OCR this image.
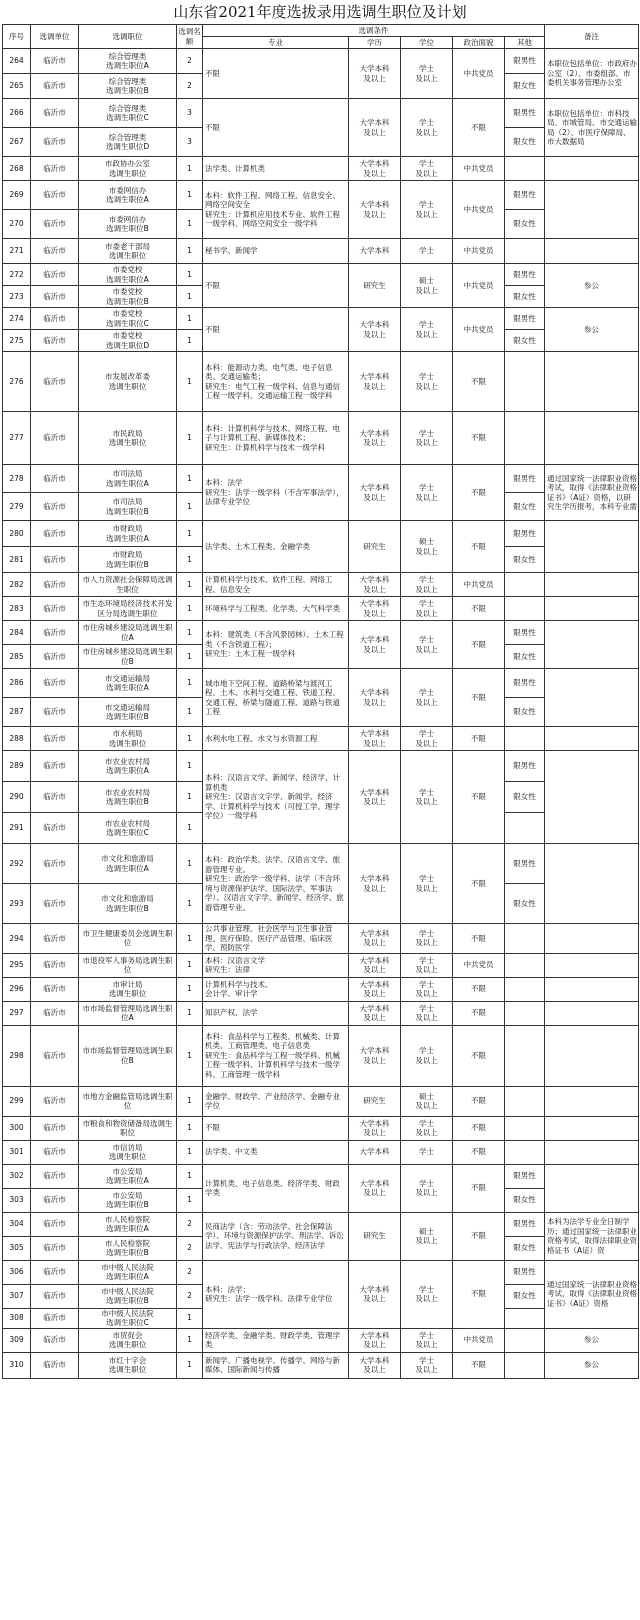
山东省2021年度选拔录用选调生职位及计划
序号	选调单位	选调职位	选调名额	选调条件					备注
				专业	学历	学位	政治面貌	其他	
264	临沂市	综合管理类
选调生职位A	2	不限	大学本科
及以上	学士
及以上	中共党员	限男性	本职位包括单位：市政府办公室（2）、市委组部、市委机关事务管理办公室
265	临沂市	综合管理类
选调生职位B	2					限女性	
266	临沂市	综合管理类
选调生职位C	3	不限	大学本科
及以上	学士
及以上	不限	限男性	本职位包括单位：市科技局、市城管局、市交通运输局（2）、市医疗保障局、市大数据局
267	临沂市	综合管理类
选调生职位D	3					限女性	
268	临沂市	市政协办公室
选调生职位	1	法学类、计算机类	大学本科
及以上	学士
及以上	中共党员		
269	临沂市	市委网信办
选调生职位A	1	本科：软件工程、网络工程、信息安全、网络空间安全
研究生：计算机应用技术专业、软件工程一级学科、网络空间安全一级学科	大学本科
及以上	学士
及以上	中共党员	限男性	
270	临沂市	市委网信办
选调生职位B	1					限女性	
271	临沂市	市委老干部局
选调生职位	1	秘书学、新闻学	大学本科	学士	中共党员		
272	临沂市	市委党校
选调生职位A	1	不限	研究生	硕士
及以上	中共党员	限男性	参公
273	临沂市	市委党校
选调生职位B	1					限女性	
274	临沂市	市委党校
选调生职位C	1	不限	大学本科
及以上	学士
及以上	中共党员	限男性	参公
275	临沂市	市委党校
选调生职位D	1					限女性	
276	临沂市	市发展改革委
选调生职位	1	本科：能源动力类、电气类、电子信息类、交通运输类；
研究生：电气工程一级学科、信息与通信工程一级学科、交通运输工程一级学科	大学本科
及以上	学士
及以上	不限		
277	临沂市	市民政局
选调生职位	1	本科：计算机科学与技术、网络工程、电子与计算机工程、新媒体技术；
研究生：计算机科学与技术一级学科	大学本科
及以上	学士
及以上	不限		
278	临沂市	市司法局
选调生职位A	1	本科：法学
研究生：法学一级学科（不含军事法学），法律专业学位	大学本科
及以上	学士
及以上	不限	限男性	通过国家统一法律职业资格考试，取得《法律职业资格证书》（A证）资格，以研究生学历报考，本科专业需
279	临沂市	市司法局
选调生职位B	1					限女性	
280	临沂市	市财政局
选调生职位A	1	法学类、土木工程类、金融学类	研究生	硕士
及以上	不限	限男性	
281	临沂市	市财政局
选调生职位B	1					限女性	
282	临沂市	市人力资源社会保障局选调生职位	1	计算机科学与技术、软件工程、网络工程、信息安全	大学本科
及以上	学士
及以上	中共党员		
283	临沂市	市生态环境局经济技术开发区分局选调生职位	1	环境科学与工程类、化学类、大气科学类	大学本科
及以上	学士
及以上	不限		
284	临沂市	市住房城乡建设局选调生职位A	1	本科：建筑类（不含风景园林）、土木工程类（不含铁道工程）；
研究生：土木工程一级学科	大学本科
及以上	学士
及以上	不限	限男性	
285	临沂市	市住房城乡建设局选调生职位B	1					限女性	
286	临沂市	市交通运输局
选调生职位A	1	城市地下空间工程、道路桥梁与渡河工程、土木、水利与交通工程、铁道工程、交通工程、桥梁与隧道工程、道路与铁道工程	大学本科
及以上	学士
及以上	不限	限男性	
287	临沂市	市交通运输局
选调生职位B	1					限女性	
288	临沂市	市水利局
选调生职位	1	水利水电工程、水文与水资源工程	大学本科
及以上	学士
及以上	不限		
289	临沂市	市农业农村局
选调生职位A	1	本科：汉语言文学、新闻学、经济学、计算机类
研究生：汉语言文字学、新闻学、经济学、计算机科学与技术（可授工学、理学学位）一级学科	大学本科
及以上	学士
及以上	不限	限男性	
290	临沂市	市农业农村局
选调生职位B	1					限女性	
291	临沂市	市农业农村局
选调生职位C	1						
292	临沂市	市文化和旅游局
选调生职位A	1	本科：政治学类、法学、汉语言文学、旅游管理专业。
研究生：政治学一级学科、法学（不含环境与资源保护法学、国际法学、军事法学）、汉语言文字学、新闻学、经济学、旅游管理专业。	大学本科
及以上	学士
及以上	不限	限男性	
293	临沂市	市文化和旅游局
选调生职位B	1					限女性	
294	临沂市	市卫生健康委员会选调生职位	1	公共事业管理、社会医学与卫生事业管理、医疗保险、医疗产品管理、临床医学、预防医学	大学本科
及以上	学士
及以上	不限		
295	临沂市	市退役军人事务局选调生职位	1	本科：汉语言文学
研究生：法律	大学本科
及以上	学士
及以上	中共党员		
296	临沂市	市审计局
选调生职位	1	计算机科学与技术、
会计学、审计学	大学本科
及以上	学士
及以上	不限		
297	临沂市	市市场监督管理局选调生职位A	1	知识产权、法学	大学本科
及以上	学士
及以上	不限		
298	临沂市	市市场监督管理局选调生职位B	1	本科：食品科学与工程类、机械类、计算机类、工商管理类、电子信息类
研究生：食品科学与工程一级学科、机械工程一级学科、计算机科学与技术一级学科、工商管理一级学科	大学本科
及以上	学士
及以上	不限		
299	临沂市	市地方金融监管局选调生职位	1	金融学、财政学、产业经济学、金融专业学位	研究生	硕士
及以上	不限		
300	临沂市	市粮食和物资储备局选调生职位	1	不限	大学本科
及以上	学士
及以上	不限		
301	临沂市	市信访局
选调生职位	1	法学类、中文类	大学本科	学士	不限		
302	临沂市	市公安局
选调生职位A	1	计算机类、电子信息类、经济学类、财政学类	大学本科
及以上	学士
及以上	不限	限男性	
303	临沂市	市公安局
选调生职位B	1					限女性	
304	临沂市	市人民检察院
选调生职位A	2	民商法学（含：劳动法学、社会保障法学）、环境与资源保护法学、刑法学、诉讼法学、宪法学与行政法学、经济法学	研究生	硕士
及以上	不限	限男性	本科为法学专业全日制学历；通过国家统一法律职业资格考试，取得法律职业资格证书（A证）资
305	临沂市	市人民检察院
选调生职位B	2					限女性	
306	临沂市	市中级人民法院
选调生职位A	2	本科：法学；
研究生：法学一级学科、法律专业学位	大学本科
及以上	学士
及以上	不限	限男性	通过国家统一法律职业资格考试，取得《法律职业资格证书》（A证）资格
307	临沂市	市中级人民法院
选调生职位B	2					限女性	
308	临沂市	市中级人民法院
选调生职位C	1						
309	临沂市	市贸促会
选调生职位	1	经济学类、金融学类、财政学类、管理学类	大学本科
及以上	学士
及以上	中共党员		参公
310	临沂市	市红十字会
选调生职位	1	新闻学、广播电视学、传播学、网络与新媒体、国际新闻与传播	大学本科
及以上	学士
及以上	不限		参公
